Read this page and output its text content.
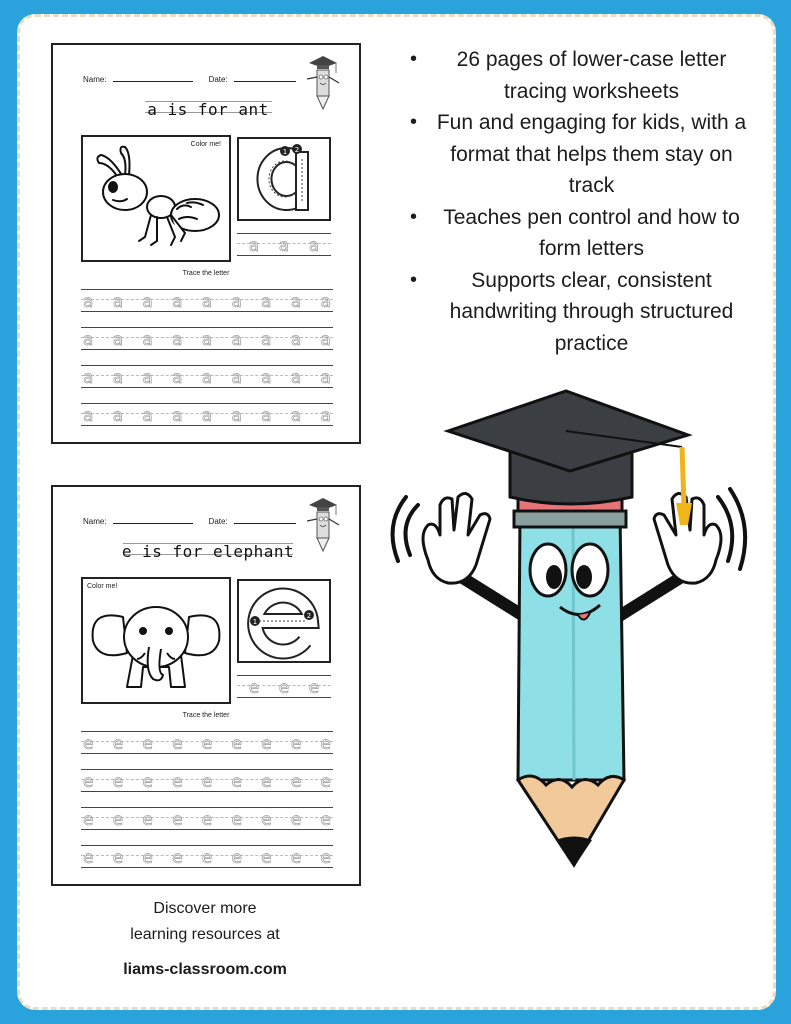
Name:	Date:
a is for ant
Color me!
1 2
a a a
Trace the letter
a a a a a a a a a
a a a a a a a a a
a a a a a a a a a
a a a a a a a a a
Name:	Date:
e is for elephant
Color me!
1
2
e e e
Trace the letter
e e e e e e e e e
e e e e e e e e e
e e e e e e e e e
e e e e e e e e e
• 26 pages of lower-case letter tracing worksheets
• Fun and engaging for kids, with a format that helps them stay on track
• Teaches pen control and how to form letters
•	Supports clear, consistent handwriting through structured practice
Discover more
learning resources at
liams-classroom.com
